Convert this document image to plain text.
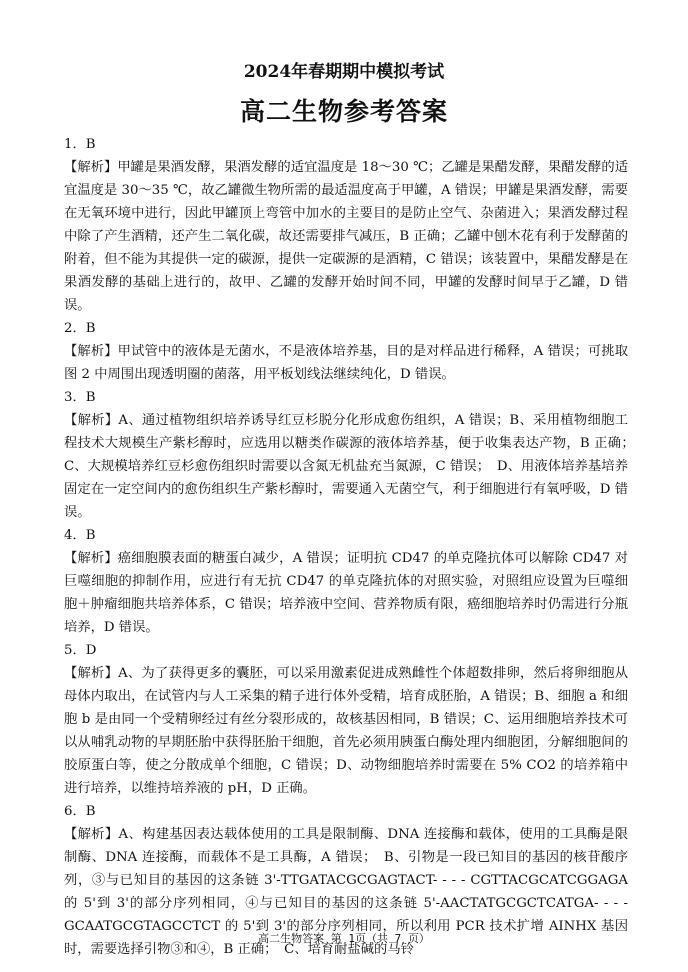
2024年春期期中模拟考试
高二生物参考答案

1．B

【解析】甲罐是果酒发酵，果酒发酵的适宜温度是 18～30 ℃；乙罐是果醋发酵，果醋发酵的适宜温度是 30～35 ℃，故乙罐微生物所需的最适温度高于甲罐，A 错误；甲罐是果酒发酵，需要在无氧环境中进行，因此甲罐顶上弯管中加水的主要目的是防止空气、杂菌进入；果酒发酵过程中除了产生酒精，还产生二氧化碳，故还需要排气减压，B 正确；乙罐中刨木花有利于发酵菌的附着，但不能为其提供一定的碳源，提供一定碳源的是酒精，C 错误；该装置中，果醋发酵是在果酒发酵的基础上进行的，故甲、乙罐的发酵开始时间不同，甲罐的发酵时间早于乙罐，D 错误。

2．B

【解析】甲试管中的液体是无菌水，不是液体培养基，目的是对样品进行稀释，A 错误；可挑取图 2 中周围出现透明圈的菌落，用平板划线法继续纯化，D 错误。

3．B

【解析】A、通过植物组织培养诱导红豆杉脱分化形成愈伤组织，A 错误；B、采用植物细胞工程技术大规模生产紫杉醇时，应选用以糖类作碳源的液体培养基，便于收集表达产物，B 正确；　C、大规模培养红豆杉愈伤组织时需要以含氮无机盐充当氮源，C 错误；　D、用液体培养基培养固定在一定空间内的愈伤组织生产紫杉醇时，需要通入无菌空气，利于细胞进行有氧呼吸，D 错误。

4．B

【解析】癌细胞膜表面的糖蛋白减少，A 错误；证明抗 CD47 的单克隆抗体可以解除 CD47 对巨噬细胞的抑制作用，应进行有无抗 CD47 的单克隆抗体的对照实验，对照组应设置为巨噬细胞＋肿瘤细胞共培养体系，C 错误；培养液中空间、营养物质有限，癌细胞培养时仍需进行分瓶培养，D 错误。

5．D

【解析】A、为了获得更多的囊胚，可以采用激素促进成熟雌性个体超数排卵，然后将卵细胞从母体内取出，在试管内与人工采集的精子进行体外受精，培育成胚胎，A 错误；B、细胞 a 和细胞 b 是由同一个受精卵经过有丝分裂形成的，故核基因相同，B 错误；C、运用细胞培养技术可以从哺乳动物的早期胚胎中获得胚胎干细胞，首先必须用胰蛋白酶处理内细胞团，分解细胞间的胶原蛋白等，使之分散成单个细胞，C 错误；D、动物细胞培养时需要在 5% CO2 的培养箱中进行培养，以维持培养液的 pH，D 正确。

6．B

【解析】A、构建基因表达载体使用的工具是限制酶、DNA 连接酶和载体，使用的工具酶是限制酶、DNA 连接酶，而载体不是工具酶，A 错误；　B、引物是一段已知目的基因的核苷酸序列，③与已知目的基因的这条链 3'-TTGATACGCGAGTACT- - - - CGTTACGCATCGGAGA 的 5'到 3'的部分序列相同，④与已知目的基因的这条链 5'-AACTATGCGCTCATGA- - - - GCAATGCGTAGCCTCT 的 5'到 3'的部分序列相同，所以利用 PCR 技术扩增 AINHX 基因时，需要选择引物③和④，B 正确；　C、培育耐盐碱的马铃

高二生物答案 第 1页（共 7 页）
